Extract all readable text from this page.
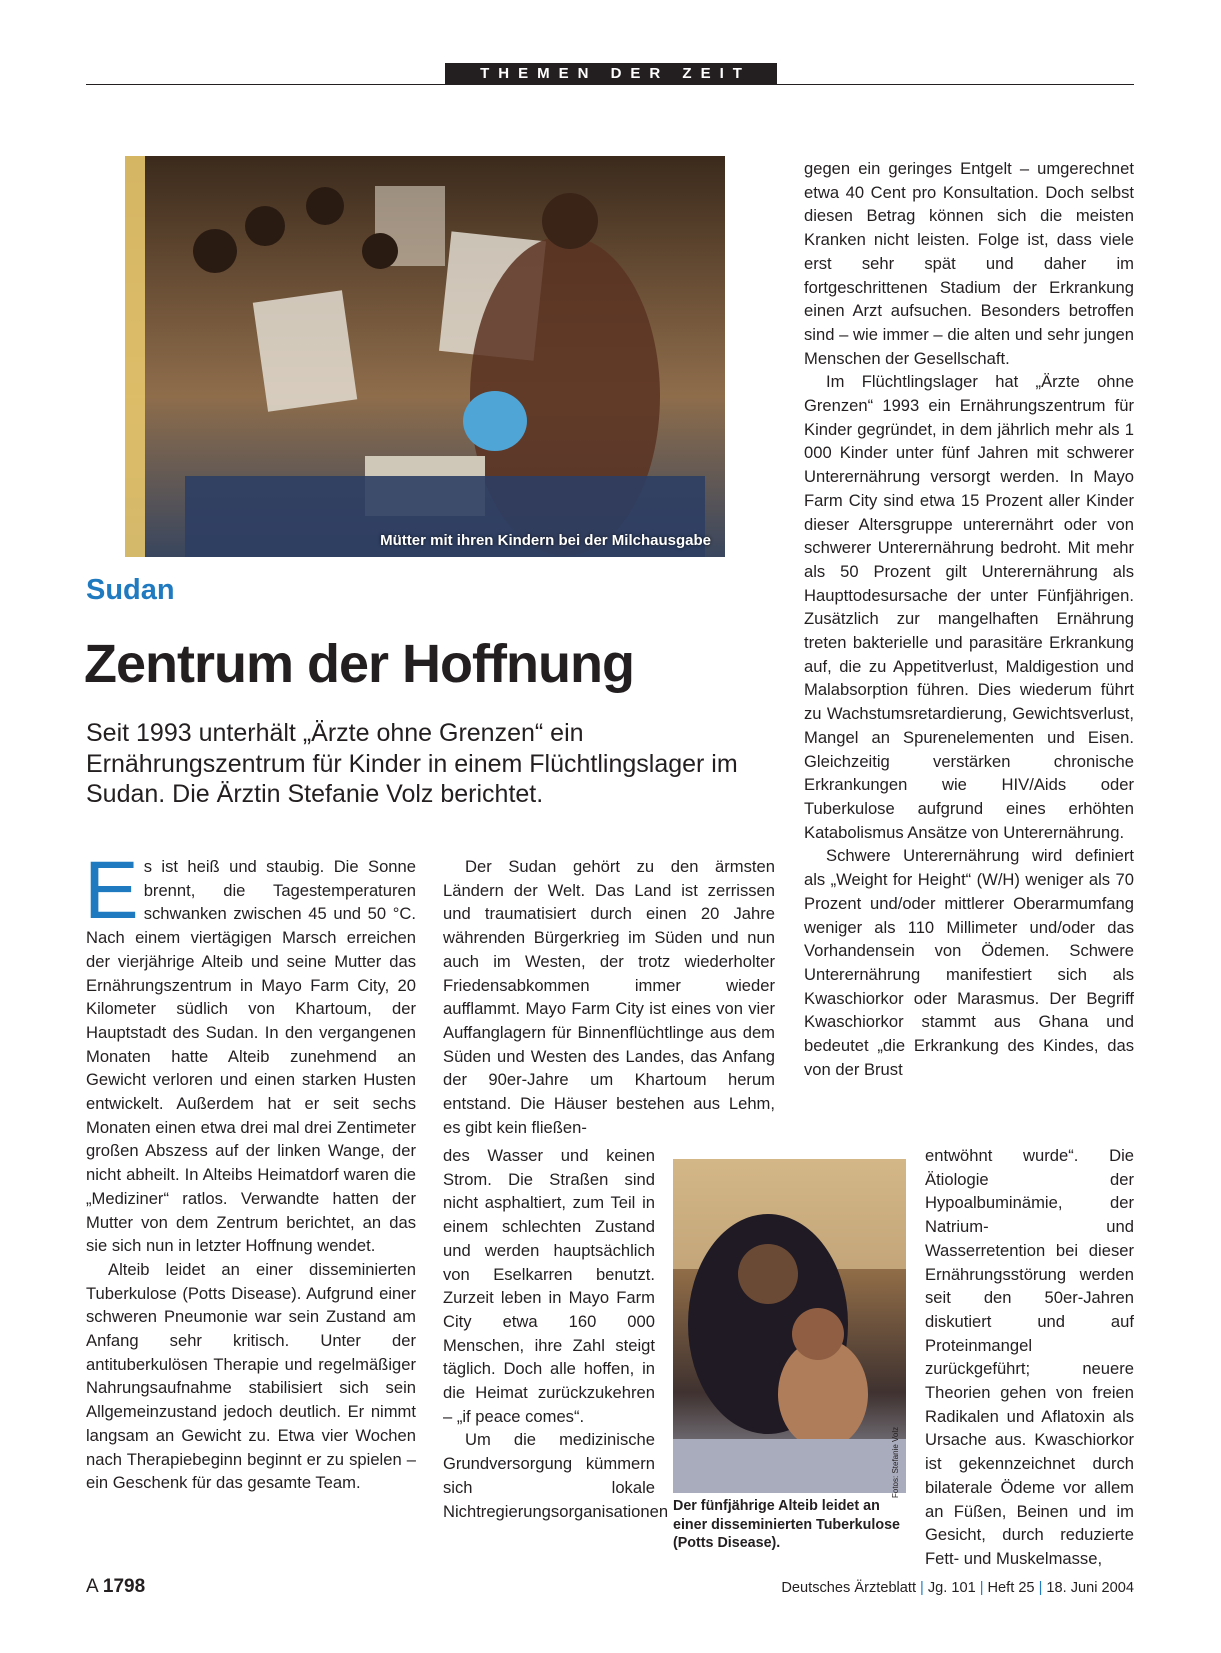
THEMEN DER ZEIT
Mütter mit ihren Kindern bei der Milchausgabe
Sudan
Zentrum der Hoffnung
Seit 1993 unterhält „Ärzte ohne Grenzen“ ein Ernährungszentrum für Kinder in einem Flüchtlingslager im Sudan. Die Ärztin Stefanie Volz berichtet.

Es ist heiß und staubig. Die Sonne brennt, die Tagestemperaturen schwanken zwischen 45 und 50 °C. Nach einem viertägigen Marsch erreichen der vierjährige Alteib und seine Mutter das Ernährungszentrum in Mayo Farm City, 20 Kilometer südlich von Khartoum, der Hauptstadt des Sudan. In den vergangenen Monaten hatte Alteib zunehmend an Gewicht verloren und einen starken Husten entwickelt. Außerdem hat er seit sechs Monaten einen etwa drei mal drei Zentimeter großen Abszess auf der linken Wange, der nicht abheilt. In Alteibs Heimatdorf waren die „Mediziner“ ratlos. Verwandte hatten der Mutter von dem Zentrum berichtet, an das sie sich nun in letzter Hoffnung wendet.

Alteib leidet an einer disseminierten Tuberkulose (Potts Disease). Aufgrund einer schweren Pneumonie war sein Zustand am Anfang sehr kritisch. Unter der antituberkulösen Therapie und regelmäßiger Nahrungsaufnahme stabilisiert sich sein Allgemeinzustand jedoch deutlich. Er nimmt langsam an Gewicht zu. Etwa vier Wochen nach Therapiebeginn beginnt er zu spielen – ein Geschenk für das gesamte Team.

Der Sudan gehört zu den ärmsten Ländern der Welt. Das Land ist zerrissen und traumatisiert durch einen 20 Jahre währenden Bürgerkrieg im Süden und nun auch im Westen, der trotz wiederholter Friedensabkommen immer wieder aufflammt. Mayo Farm City ist eines von vier Auffanglagern für Binnenflüchtlinge aus dem Süden und Westen des Landes, das Anfang der 90er-Jahre um Khartoum herum entstand. Die Häuser bestehen aus Lehm, es gibt kein fließen-

des Wasser und keinen Strom. Die Straßen sind nicht asphaltiert, zum Teil in einem schlechten Zustand und werden hauptsächlich von Eselkarren benutzt. Zurzeit leben in Mayo Farm City etwa 160 000 Menschen, ihre Zahl steigt täglich. Doch alle hoffen, in die Heimat zurückzukehren – „if peace comes“.

Um die medizinische Grundversorgung kümmern sich lokale Nichtregierungsorganisationen

gegen ein geringes Entgelt – umgerechnet etwa 40 Cent pro Konsultation. Doch selbst diesen Betrag können sich die meisten Kranken nicht leisten. Folge ist, dass viele erst sehr spät und daher im fortgeschrittenen Stadium der Erkrankung einen Arzt aufsuchen. Besonders betroffen sind – wie immer – die alten und sehr jungen Menschen der Gesellschaft.

Im Flüchtlingslager hat „Ärzte ohne Grenzen“ 1993 ein Ernährungszentrum für Kinder gegründet, in dem jährlich mehr als 1 000 Kinder unter fünf Jahren mit schwerer Unterernährung versorgt werden. In Mayo Farm City sind etwa 15 Prozent aller Kinder dieser Altersgruppe unterernährt oder von schwerer Unterernährung bedroht. Mit mehr als 50 Prozent gilt Unterernährung als Haupttodesursache der unter Fünfjährigen. Zusätzlich zur mangelhaften Ernährung treten bakterielle und parasitäre Erkrankung auf, die zu Appetitverlust, Maldigestion und Malabsorption führen. Dies wiederum führt zu Wachstumsretardierung, Gewichtsverlust, Mangel an Spurenelementen und Eisen. Gleichzeitig verstärken chronische Erkrankungen wie HIV/Aids oder Tuberkulose aufgrund eines erhöhten Katabolismus Ansätze von Unterernährung.

Schwere Unterernährung wird definiert als „Weight for Height“ (W/H) weniger als 70 Prozent und/oder mittlerer Oberarmumfang weniger als 110 Millimeter und/oder das Vorhandensein von Ödemen. Schwere Unterernährung manifestiert sich als Kwaschiorkor oder Marasmus. Der Begriff Kwaschiorkor stammt aus Ghana und bedeutet „die Erkrankung des Kindes, das von der Brust

entwöhnt wurde“. Die Ätiologie der Hypoalbuminämie, der Natrium- und Wasserretention bei dieser Ernährungsstörung werden seit den 50er-Jahren diskutiert und auf Proteinmangel zurückgeführt; neuere Theorien gehen von freien Radikalen und Aflatoxin als Ursache aus. Kwaschiorkor ist gekennzeichnet durch bilaterale Ödeme vor allem an Füßen, Beinen und im Gesicht, durch reduzierte Fett- und Muskelmasse,

Fotos: Stefanie Volz
Der fünfjährige Alteib leidet an einer disseminierten Tuberkulose (Potts Disease).
A 1798	Deutsches Ärzteblatt | Jg. 101 | Heft 25 | 18. Juni 2004
